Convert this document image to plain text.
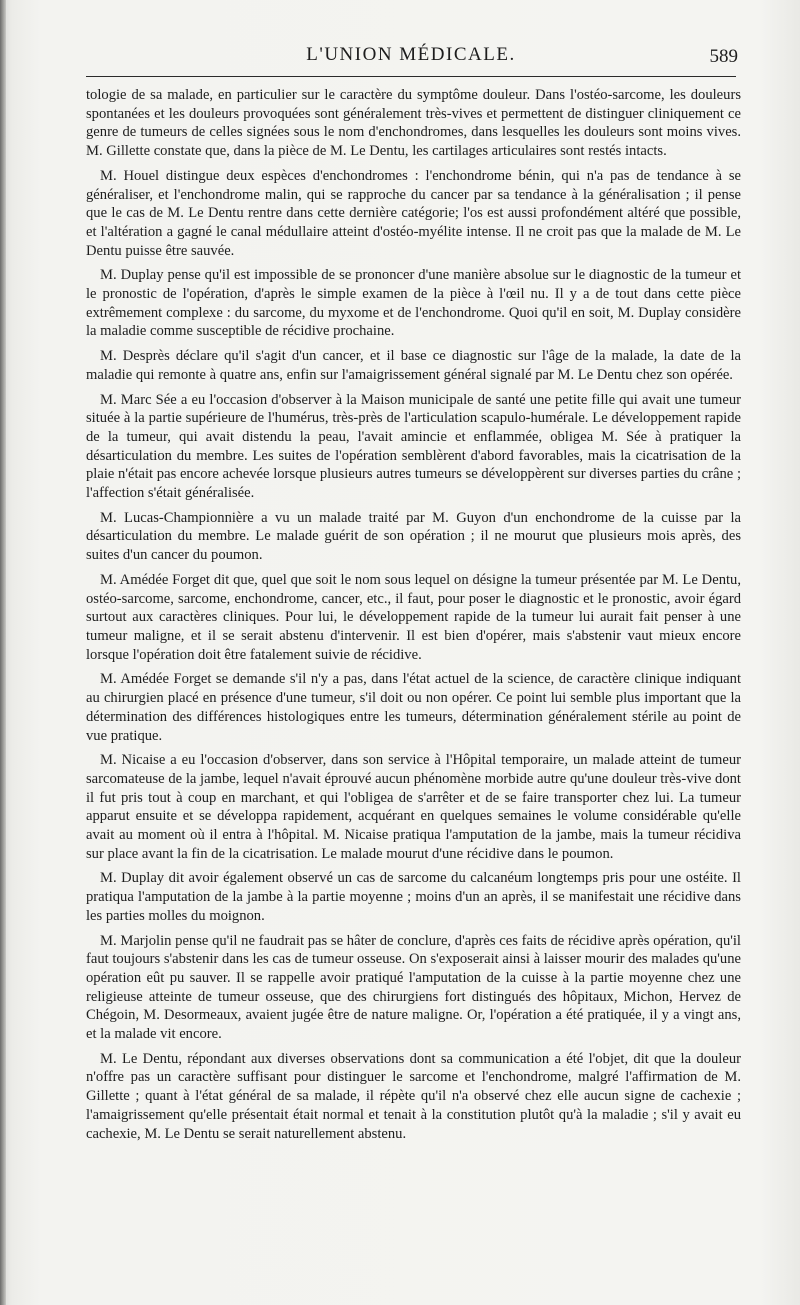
L'UNION MÉDICALE.	589

tologie de sa malade, en particulier sur le caractère du symptôme douleur. Dans l'ostéo-sarcome, les douleurs spontanées et les douleurs provoquées sont généralement très-vives et permettent de distinguer cliniquement ce genre de tumeurs de celles signées sous le nom d'enchondromes, dans lesquelles les douleurs sont moins vives. M. Gillette constate que, dans la pièce de M. Le Dentu, les cartilages articulaires sont restés intacts.

M. Houel distingue deux espèces d'enchondromes : l'enchondrome bénin, qui n'a pas de tendance à se généraliser, et l'enchondrome malin, qui se rapproche du cancer par sa tendance à la généralisation ; il pense que le cas de M. Le Dentu rentre dans cette dernière catégorie; l'os est aussi profondément altéré que possible, et l'altération a gagné le canal médullaire atteint d'ostéo-myélite intense. Il ne croit pas que la malade de M. Le Dentu puisse être sauvée.

M. Duplay pense qu'il est impossible de se prononcer d'une manière absolue sur le diagnostic de la tumeur et le pronostic de l'opération, d'après le simple examen de la pièce à l'œil nu. Il y a de tout dans cette pièce extrêmement complexe : du sarcome, du myxome et de l'enchondrome. Quoi qu'il en soit, M. Duplay considère la maladie comme susceptible de récidive prochaine.

M. Desprès déclare qu'il s'agit d'un cancer, et il base ce diagnostic sur l'âge de la malade, la date de la maladie qui remonte à quatre ans, enfin sur l'amaigrissement général signalé par M. Le Dentu chez son opérée.

M. Marc Sée a eu l'occasion d'observer à la Maison municipale de santé une petite fille qui avait une tumeur située à la partie supérieure de l'humérus, très-près de l'articulation scapulo-humérale. Le développement rapide de la tumeur, qui avait distendu la peau, l'avait amincie et enflammée, obligea M. Sée à pratiquer la désarticulation du membre. Les suites de l'opération semblèrent d'abord favorables, mais la cicatrisation de la plaie n'était pas encore achevée lorsque plusieurs autres tumeurs se développèrent sur diverses parties du crâne ; l'affection s'était généralisée.

M. Lucas-Championnière a vu un malade traité par M. Guyon d'un enchondrome de la cuisse par la désarticulation du membre. Le malade guérit de son opération ; il ne mourut que plusieurs mois après, des suites d'un cancer du poumon.

M. Amédée Forget dit que, quel que soit le nom sous lequel on désigne la tumeur présentée par M. Le Dentu, ostéo-sarcome, sarcome, enchondrome, cancer, etc., il faut, pour poser le diagnostic et le pronostic, avoir égard surtout aux caractères cliniques. Pour lui, le développement rapide de la tumeur lui aurait fait penser à une tumeur maligne, et il se serait abstenu d'intervenir. Il est bien d'opérer, mais s'abstenir vaut mieux encore lorsque l'opération doit être fatalement suivie de récidive.

M. Amédée Forget se demande s'il n'y a pas, dans l'état actuel de la science, de caractère clinique indiquant au chirurgien placé en présence d'une tumeur, s'il doit ou non opérer. Ce point lui semble plus important que la détermination des différences histologiques entre les tumeurs, détermination généralement stérile au point de vue pratique.

M. Nicaise a eu l'occasion d'observer, dans son service à l'Hôpital temporaire, un malade atteint de tumeur sarcomateuse de la jambe, lequel n'avait éprouvé aucun phénomène morbide autre qu'une douleur très-vive dont il fut pris tout à coup en marchant, et qui l'obligea de s'arrêter et de se faire transporter chez lui. La tumeur apparut ensuite et se développa rapidement, acquérant en quelques semaines le volume considérable qu'elle avait au moment où il entra à l'hôpital. M. Nicaise pratiqua l'amputation de la jambe, mais la tumeur récidiva sur place avant la fin de la cicatrisation. Le malade mourut d'une récidive dans le poumon.

M. Duplay dit avoir également observé un cas de sarcome du calcanéum longtemps pris pour une ostéite. Il pratiqua l'amputation de la jambe à la partie moyenne ; moins d'un an après, il se manifestait une récidive dans les parties molles du moignon.

M. Marjolin pense qu'il ne faudrait pas se hâter de conclure, d'après ces faits de récidive après opération, qu'il faut toujours s'abstenir dans les cas de tumeur osseuse. On s'exposerait ainsi à laisser mourir des malades qu'une opération eût pu sauver. Il se rappelle avoir pratiqué l'amputation de la cuisse à la partie moyenne chez une religieuse atteinte de tumeur osseuse, que des chirurgiens fort distingués des hôpitaux, Michon, Hervez de Chégoin, M. Desormeaux, avaient jugée être de nature maligne. Or, l'opération a été pratiquée, il y a vingt ans, et la malade vit encore.

M. Le Dentu, répondant aux diverses observations dont sa communication a été l'objet, dit que la douleur n'offre pas un caractère suffisant pour distinguer le sarcome et l'enchondrome, malgré l'affirmation de M. Gillette ; quant à l'état général de sa malade, il répète qu'il n'a observé chez elle aucun signe de cachexie ; l'amaigrissement qu'elle présentait était normal et tenait à la constitution plutôt qu'à la maladie ; s'il y avait eu cachexie, M. Le Dentu se serait naturellement abstenu.
